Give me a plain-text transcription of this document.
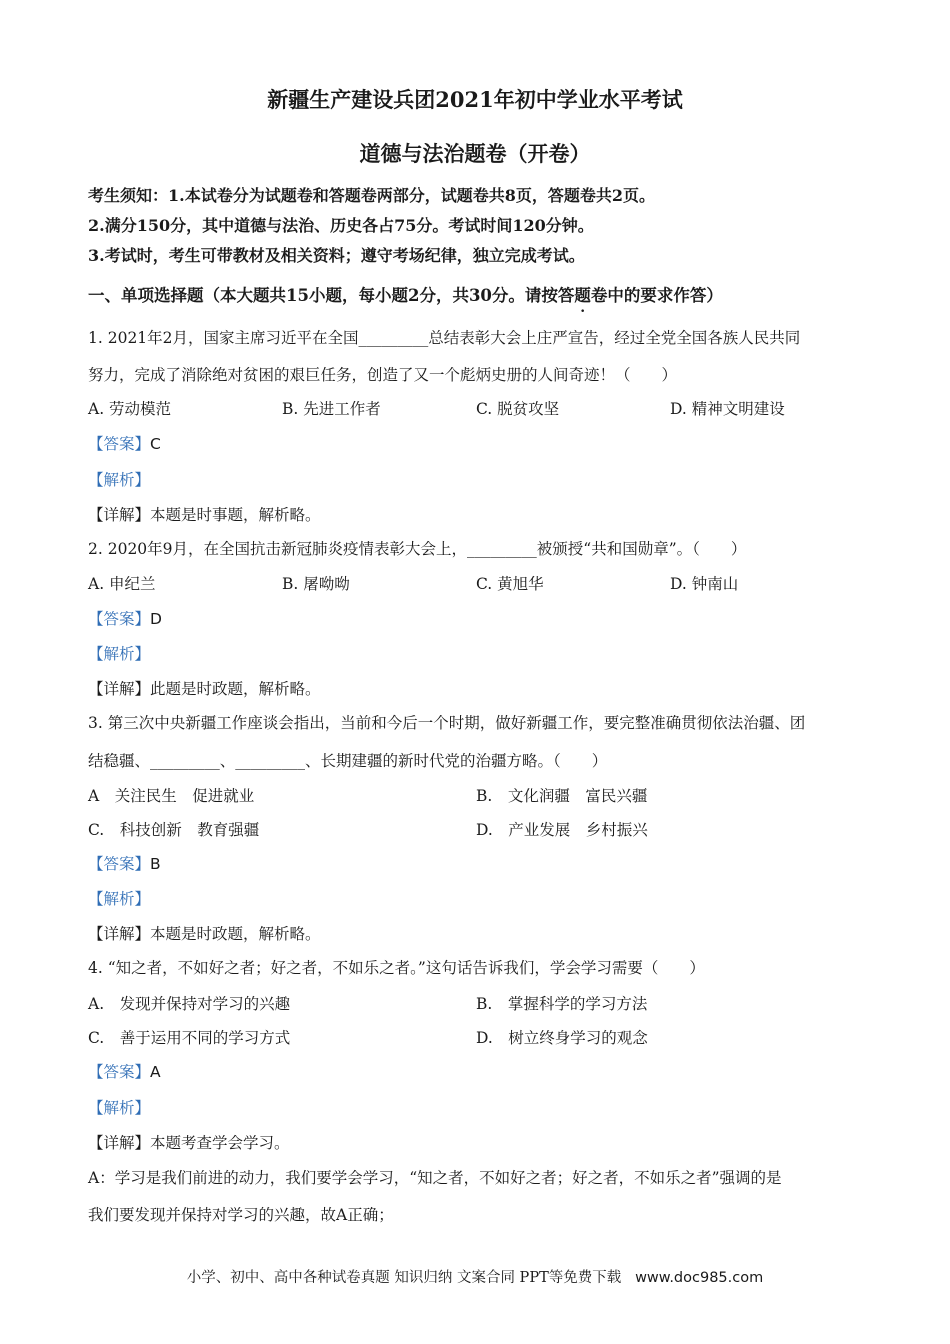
新疆生产建设兵团2021年初中学业水平考试
道德与法治题卷（开卷）
考生须知：1.本试卷分为试题卷和答题卷两部分，试题卷共8页，答题卷共2页。
2.满分150分，其中道德与法治、历史各占75分。考试时间120分钟。
3.考试时，考生可带教材及相关资料；遵守考场纪律，独立完成考试。
一、单项选择题（本大题共15小题，每小题2分，共30分。请按答题卷中的要求作答）
1. 2021年2月，国家主席习近平在全国_________总结表彰大会上庄严宣告，经过全党全国各族人民共同
努力，完成了消除绝对贫困的艰巨任务，创造了又一个彪炳史册的人间奇迹！（　　）
A. 劳动模范	B. 先进工作者	C. 脱贫攻坚	D. 精神文明建设
【答案】C
【解析】
【详解】本题是时事题，解析略。
2. 2020年9月，在全国抗击新冠肺炎疫情表彰大会上，_________被颁授“共和国勋章”。（　　）
A. 申纪兰	B. 屠呦呦	C. 黄旭华	D. 钟南山
【答案】D
【解析】
【详解】此题是时政题，解析略。
3. 第三次中央新疆工作座谈会指出，当前和今后一个时期，做好新疆工作，要完整准确贯彻依法治疆、团
结稳疆、_________、_________、长期建疆的新时代党的治疆方略。（　　）
A　关注民生　促进就业	B.　文化润疆　富民兴疆
C.　科技创新　教育强疆	D.　产业发展　乡村振兴
【答案】B
【解析】
【详解】本题是时政题，解析略。
4. “知之者，不如好之者；好之者，不如乐之者。”这句话告诉我们，学会学习需要（　　）
A.　发现并保持对学习的兴趣	B.　掌握科学的学习方法
C.　善于运用不同的学习方式	D.　树立终身学习的观念
【答案】A
【解析】
【详解】本题考查学会学习。
A：学习是我们前进的动力，我们要学会学习，“知之者，不如好之者；好之者，不如乐之者”强调的是
我们要发现并保持对学习的兴趣，故A正确；
小学、初中、高中各种试卷真题 知识归纳 文案合同 PPT等免费下载 www.doc985.com
